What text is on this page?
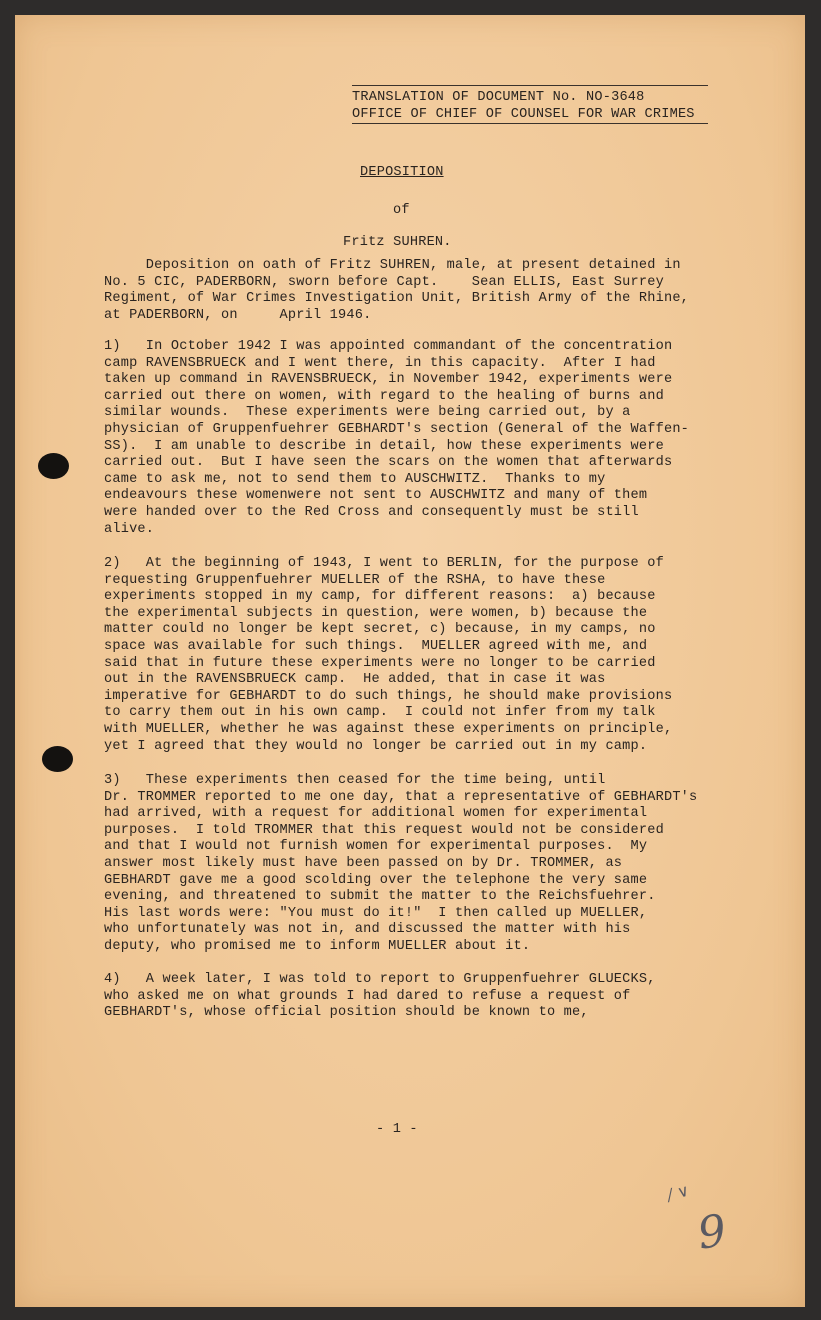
TRANSLATION OF DOCUMENT No. NO-3648
OFFICE OF CHIEF OF COUNSEL FOR WAR CRIMES
DEPOSITION
of
Fritz SUHREN.
Deposition on oath of Fritz SUHREN, male, at present detained in
No. 5 CIC, PADERBORN, sworn before Capt.    Sean ELLIS, East Surrey
Regiment, of War Crimes Investigation Unit, British Army of the Rhine,
at PADERBORN, on     April 1946.
1)   In October 1942 I was appointed commandant of the concentration
camp RAVENSBRUECK and I went there, in this capacity.  After I had
taken up command in RAVENSBRUECK, in November 1942, experiments were
carried out there on women, with regard to the healing of burns and
similar wounds.  These experiments were being carried out, by a
physician of Gruppenfuehrer GEBHARDT's section (General of the Waffen-
SS).  I am unable to describe in detail, how these experiments were
carried out.  But I have seen the scars on the women that afterwards
came to ask me, not to send them to AUSCHWITZ.  Thanks to my
endeavours these womenwere not sent to AUSCHWITZ and many of them
were handed over to the Red Cross and consequently must be still
alive.
2)   At the beginning of 1943, I went to BERLIN, for the purpose of
requesting Gruppenfuehrer MUELLER of the RSHA, to have these
experiments stopped in my camp, for different reasons:  a) because
the experimental subjects in question, were women, b) because the
matter could no longer be kept secret, c) because, in my camps, no
space was available for such things.  MUELLER agreed with me, and
said that in future these experiments were no longer to be carried
out in the RAVENSBRUECK camp.  He added, that in case it was
imperative for GEBHARDT to do such things, he should make provisions
to carry them out in his own camp.  I could not infer from my talk
with MUELLER, whether he was against these experiments on principle,
yet I agreed that they would no longer be carried out in my camp.
3)   These experiments then ceased for the time being, until
Dr. TROMMER reported to me one day, that a representative of GEBHARDT's
had arrived, with a request for additional women for experimental
purposes.  I told TROMMER that this request would not be considered
and that I would not furnish women for experimental purposes.  My
answer most likely must have been passed on by Dr. TROMMER, as
GEBHARDT gave me a good scolding over the telephone the very same
evening, and threatened to submit the matter to the Reichsfuehrer.
His last words were: "You must do it!"  I then called up MUELLER,
who unfortunately was not in, and discussed the matter with his
deputy, who promised me to inform MUELLER about it.
4)   A week later, I was told to report to Gruppenfuehrer GLUECKS,
who asked me on what grounds I had dared to refuse a request of
GEBHARDT's, whose official position should be known to me,
- 1 -
∕ ∨
9
